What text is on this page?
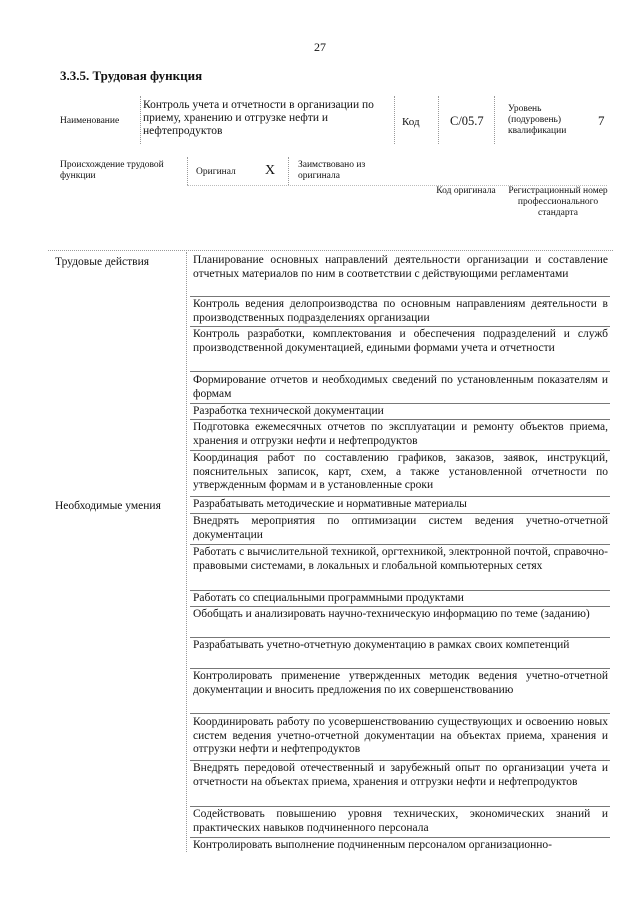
27
3.3.5. Трудовая функция
Наименование
Контроль учета и отчетности в организации по приему, хранению и отгрузке нефти и нефтепродуктов
Код С/05.7
Уровень (подуровень) квалификации
7
Происхождение трудовой функции	Оригинал Х Заимствовано из оригинала
Код оригинала Регистрационный номер профессионального стандарта
Трудовые действия
Необходимые умения
Планирование основных направлений деятельности организации и составление отчетных материалов по ним в соответствии с действующими регламентами
Контроль ведения делопроизводства по основным направлениям деятельности в производственных подразделениях организации
Контроль разработки, комплектования и обеспечения подразделений и служб производственной документацией, едиными формами учета и отчетности
Формирование отчетов и необходимых сведений по установленным показателям и формам
Разработка технической документации
Подготовка ежемесячных отчетов по эксплуатации и ремонту объектов приема, хранения и отгрузки нефти и нефтепродуктов
Координация работ по составлению графиков, заказов, заявок, инструкций, пояснительных записок, карт, схем, а также установленной отчетности по утвержденным формам и в установленные сроки
Разрабатывать методические и нормативные материалы
Внедрять мероприятия по оптимизации систем ведения учетно-отчетной документации
Работать с вычислительной техникой, оргтехникой, электронной почтой, справочно-правовыми системами, в локальных и глобальной компьютерных сетях
Работать со специальными программными продуктами
Обобщать и анализировать научно-техническую информацию по теме (заданию)
Разрабатывать учетно-отчетную документацию в рамках своих компетенций
Контролировать применение утвержденных методик ведения учетно-отчетной документации и вносить предложения по их совершенствованию
Координировать работу по усовершенствованию существующих и освоению новых систем ведения учетно-отчетной документации на объектах приема, хранения и отгрузки нефти и нефтепродуктов
Внедрять передовой отечественный и зарубежный опыт по организации учета и отчетности на объектах приема, хранения и отгрузки нефти и нефтепродуктов
Содействовать повышению уровня технических, экономических знаний и практических навыков подчиненного персонала
Контролировать выполнение подчиненным персоналом организационно-
